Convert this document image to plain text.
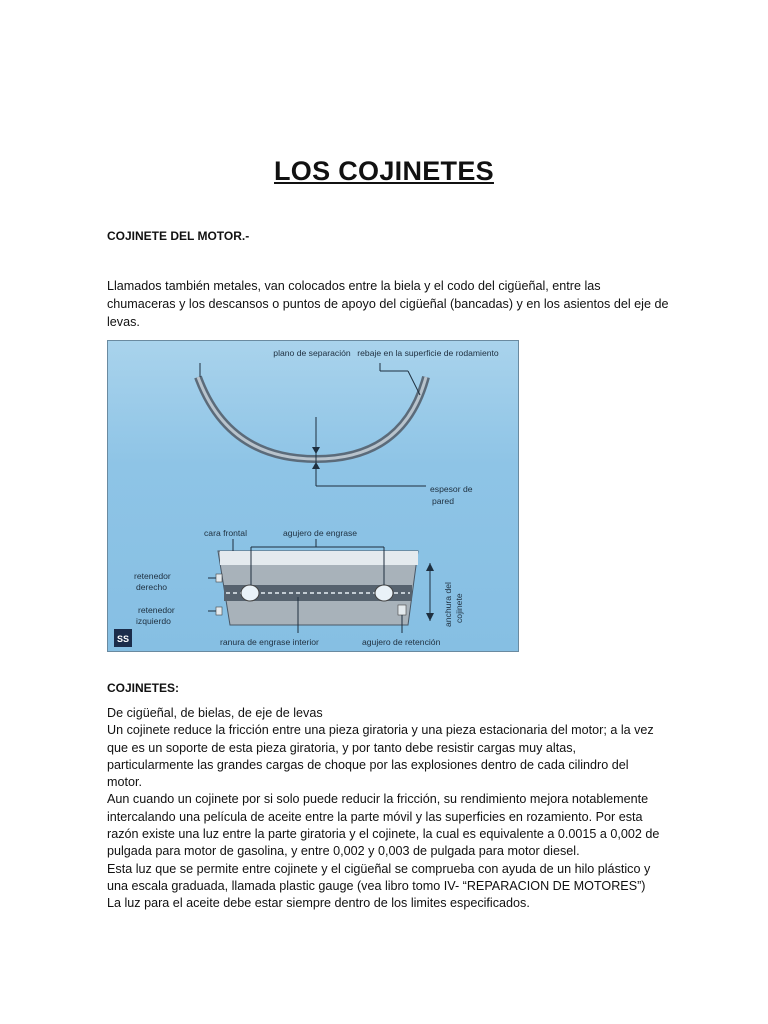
LOS COJINETES
COJINETE DEL MOTOR.-
Llamados también metales, van colocados entre la biela y el codo del cigüeñal, entre las
chumaceras y los descansos o puntos de apoyo del cigüeñal (bancadas) y en los asientos del eje de
levas.
plano de separación rebaje en la superficie de rodamiento
espesor de
pared
cara frontal	agujero de engrase
retenedor
derecho
retenedor
izquierdo
ranura de engrase interior	agujero de retención
anchura del cojinete
SS
COJINETES:
De cigüeñal, de bielas, de eje de levas
Un cojinete reduce la fricción entre una pieza giratoria y una pieza estacionaria del motor; a la vez
que es un soporte de esta pieza giratoria, y por tanto debe resistir cargas muy altas,
particularmente las grandes cargas de choque por las explosiones dentro de cada cilindro del
motor.
Aun cuando un cojinete por si solo puede reducir la fricción, su rendimiento mejora notablemente
intercalando una película de aceite entre la parte móvil y las superficies en rozamiento. Por esta
razón existe una luz entre la parte giratoria y el cojinete, la cual es equivalente a 0.0015 a 0,002 de
pulgada para motor de gasolina, y entre 0,002 y 0,003 de pulgada para motor diesel.
Esta luz que se permite entre cojinete y el cigüeñal se comprueba con ayuda de un hilo plástico y
una escala graduada, llamada plastic gauge (vea libro tomo IV- “REPARACION DE MOTORES”)
La luz para el aceite debe estar siempre dentro de los limites especificados.
